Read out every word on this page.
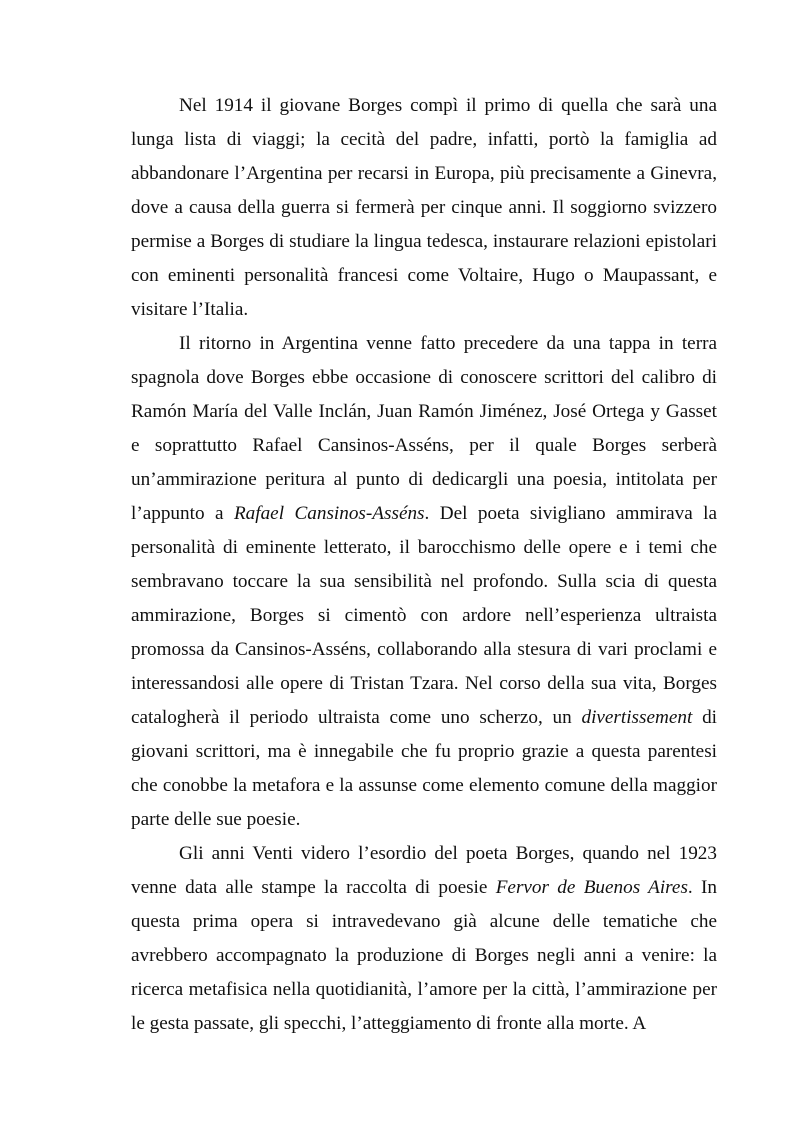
Nel 1914 il giovane Borges compì il primo di quella che sarà una lunga lista di viaggi; la cecità del padre, infatti, portò la famiglia ad abbandonare l’Argentina per recarsi in Europa, più precisamente a Ginevra, dove a causa della guerra si fermerà per cinque anni. Il soggiorno svizzero permise a Borges di studiare la lingua tedesca, instaurare relazioni epistolari con eminenti personalità francesi come Voltaire, Hugo o Maupassant, e visitare l’Italia.

Il ritorno in Argentina venne fatto precedere da una tappa in terra spagnola dove Borges ebbe occasione di conoscere scrittori del calibro di Ramón María del Valle Inclán, Juan Ramón Jiménez, José Ortega y Gasset e soprattutto Rafael Cansinos-Asséns, per il quale Borges serberà un’ammirazione peritura al punto di dedicargli una poesia, intitolata per l’appunto a Rafael Cansinos-Asséns. Del poeta sivigliano ammirava la personalità di eminente letterato, il barocchismo delle opere e i temi che sembravano toccare la sua sensibilità nel profondo. Sulla scia di questa ammirazione, Borges si cimentò con ardore nell’esperienza ultraista promossa da Cansinos-Asséns, collaborando alla stesura di vari proclami e interessandosi alle opere di Tristan Tzara. Nel corso della sua vita, Borges catalogherà il periodo ultraista come uno scherzo, un divertissement di giovani scrittori, ma è innegabile che fu proprio grazie a questa parentesi che conobbe la metafora e la assunse come elemento comune della maggior parte delle sue poesie.

Gli anni Venti videro l’esordio del poeta Borges, quando nel 1923 venne data alle stampe la raccolta di poesie Fervor de Buenos Aires. In questa prima opera si intravedevano già alcune delle tematiche che avrebbero accompagnato la produzione di Borges negli anni a venire: la ricerca metafisica nella quotidianità, l’amore per la città, l’ammirazione per le gesta passate, gli specchi, l’atteggiamento di fronte alla morte. A
